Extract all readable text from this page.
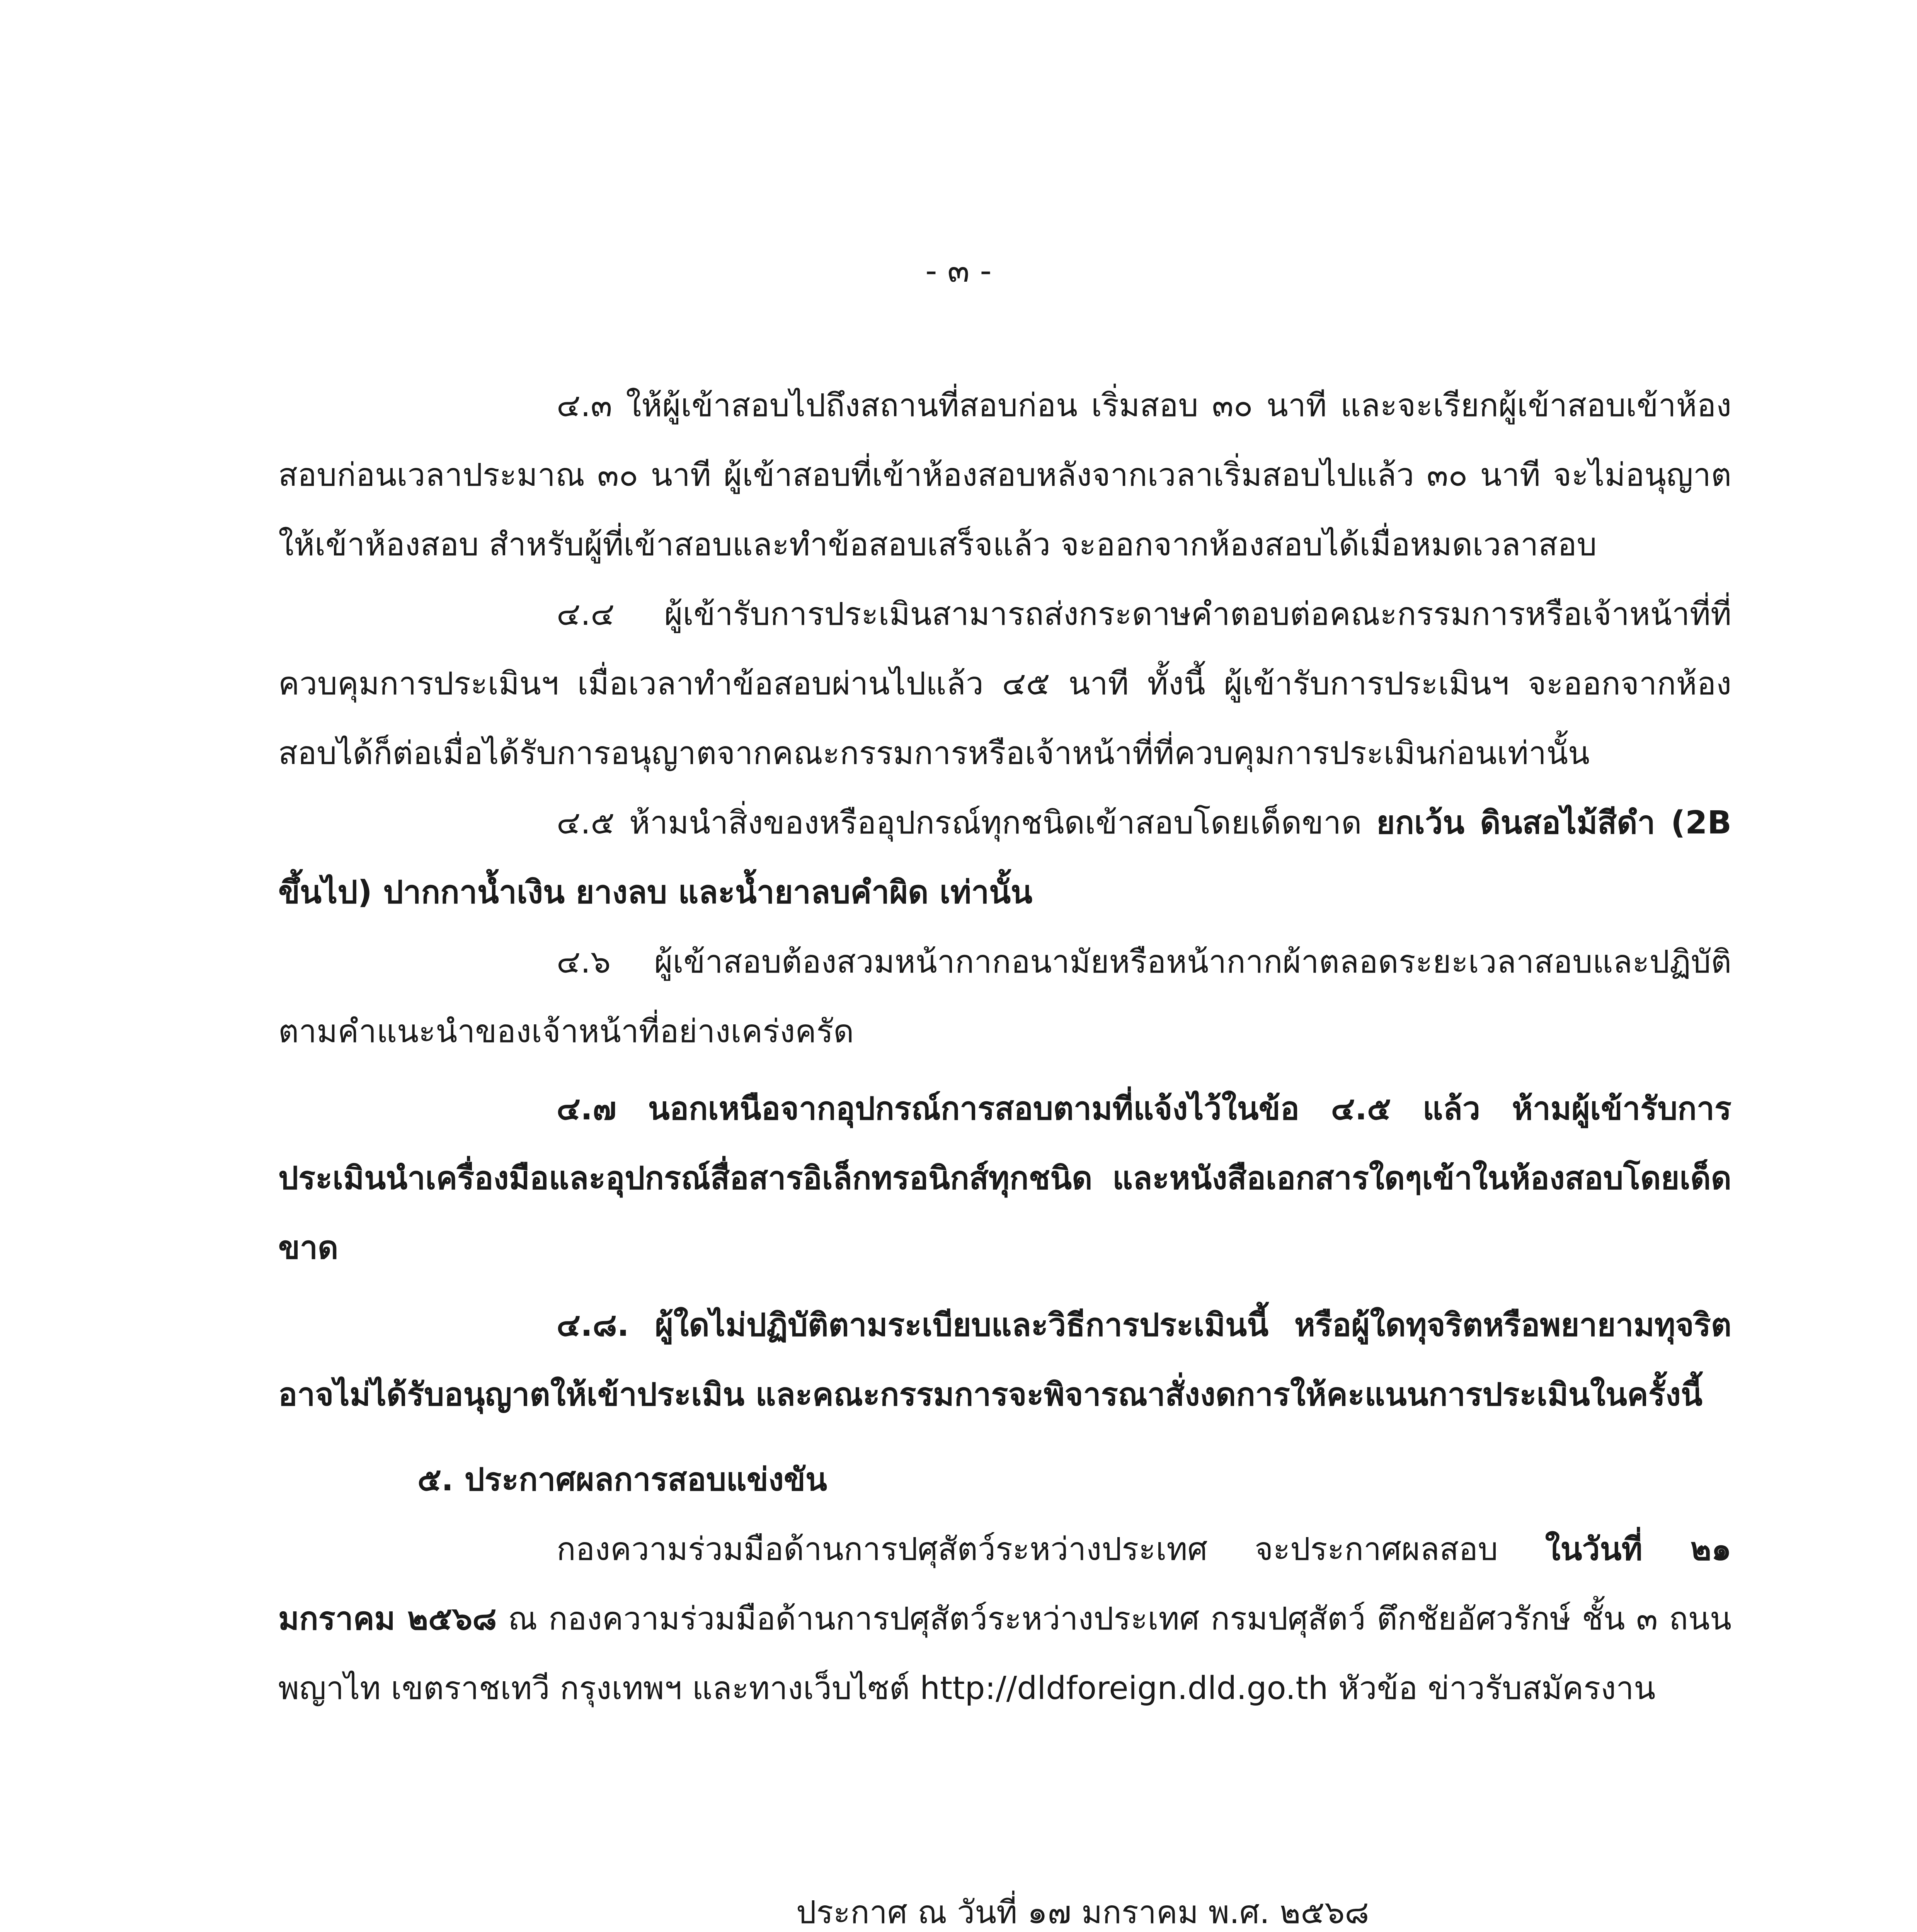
- ๓ -

๔.๓ ให้ผู้เข้าสอบไปถึงสถานที่สอบก่อน เริ่มสอบ ๓๐ นาที และจะเรียกผู้เข้าสอบเข้าห้องสอบก่อนเวลาประมาณ ๓๐ นาที ผู้เข้าสอบที่เข้าห้องสอบหลังจากเวลาเริ่มสอบไปแล้ว ๓๐ นาที จะไม่อนุญาตให้เข้าห้องสอบ สำหรับผู้ที่เข้าสอบและทำข้อสอบเสร็จแล้ว จะออกจากห้องสอบได้เมื่อหมดเวลาสอบ

๔.๔ ผู้เข้ารับการประเมินสามารถส่งกระดาษคำตอบต่อคณะกรรมการหรือเจ้าหน้าที่ที่ควบคุมการประเมินฯ เมื่อเวลาทำข้อสอบผ่านไปแล้ว ๔๕ นาที ทั้งนี้ ผู้เข้ารับการประเมินฯ จะออกจากห้องสอบได้ก็ต่อเมื่อได้รับการอนุญาตจากคณะกรรมการหรือเจ้าหน้าที่ที่ควบคุมการประเมินก่อนเท่านั้น

๔.๕ ห้ามนำสิ่งของหรืออุปกรณ์ทุกชนิดเข้าสอบโดยเด็ดขาด ยกเว้น ดินสอไม้สีดำ (2B ขึ้นไป) ปากกาน้ำเงิน ยางลบ และน้ำยาลบคำผิด เท่านั้น

๔.๖ ผู้เข้าสอบต้องสวมหน้ากากอนามัยหรือหน้ากากผ้าตลอดระยะเวลาสอบและปฏิบัติตามคำแนะนำของเจ้าหน้าที่อย่างเคร่งครัด

๔.๗ นอกเหนือจากอุปกรณ์การสอบตามที่แจ้งไว้ในข้อ ๔.๕ แล้ว ห้ามผู้เข้ารับการประเมินนำเครื่องมือและอุปกรณ์สื่อสารอิเล็กทรอนิกส์ทุกชนิด และหนังสือเอกสารใดๆเข้าในห้องสอบโดยเด็ดขาด

๔.๘. ผู้ใดไม่ปฏิบัติตามระเบียบและวิธีการประเมินนี้ หรือผู้ใดทุจริตหรือพยายามทุจริต อาจไม่ได้รับอนุญาตให้เข้าประเมิน และคณะกรรมการจะพิจารณาสั่งงดการให้คะแนนการประเมินในครั้งนี้

๕. ประกาศผลการสอบแข่งขัน

กองความร่วมมือด้านการปศุสัตว์ระหว่างประเทศ จะประกาศผลสอบ ในวันที่ ๒๑ มกราคม ๒๕๖๘ ณ กองความร่วมมือด้านการปศุสัตว์ระหว่างประเทศ กรมปศุสัตว์ ตึกชัยอัศวรักษ์ ชั้น ๓ ถนนพญาไท เขตราชเทวี กรุงเทพฯ และทางเว็บไซต์ http://dldforeign.dld.go.th หัวข้อ ข่าวรับสมัครงาน

ประกาศ ณ วันที่ ๑๗ มกราคม พ.ศ. ๒๕๖๘
